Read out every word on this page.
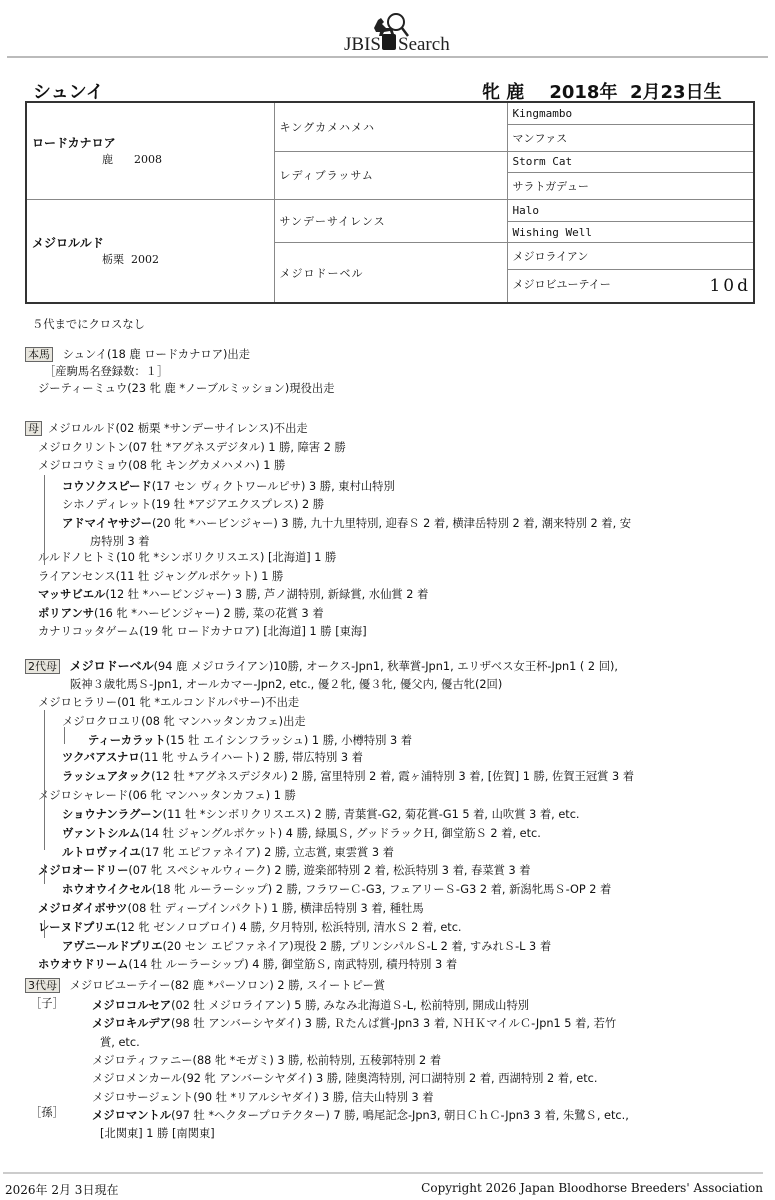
JBIS Search
シュンイ	牝 鹿 2018年  2月23日生
ロードカナロア
鹿 2008	キングカメハメハ	Kingmambo
		マンファス
	レディブラッサム	Storm Cat
		サラトガデュー

メジロルルド
栃栗 2002	サンデーサイレンス	Halo
		Wishing Well
	メジロドーベル	メジロライアン
		メジロビユーテイー 10d
５代までにクロスなし
本馬 シュンイ(18 鹿 ロードカナロア)出走
［産駒馬名登録数：１］
ジーティーミュウ(23 牝 鹿 *ノーブルミッション)現役出走
母 メジロルルド(02 栃栗 *サンデーサイレンス)不出走
メジロクリントン(07 牡 *アグネスデジタル) 1 勝, 障害 2 勝
メジロコウミョウ(08 牝 キングカメハメハ) 1 勝
コウソクスピード(17 セン ヴィクトワールピサ) 3 勝, 東村山特別
シホノディレット(19 牡 *アジアエクスプレス) 2 勝
アドマイヤサジー(20 牝 *ハービンジャー) 3 勝, 九十九里特別, 迎春Ｓ 2 着, 横津岳特別 2 着, 潮来特別 2 着, 安
房特別 3 着
ルルドノヒトミ(10 牝 *シンボリクリスエス) [北海道] 1 勝
ライアンセンス(11 牡 ジャングルポケット) 1 勝
マッサビエル(12 牡 *ハービンジャー) 3 勝, 芦ノ湖特別, 新緑賞, 水仙賞 2 着
ポリアンサ(16 牝 *ハービンジャー) 2 勝, 菜の花賞 3 着
カナリコッタゲーム(19 牝 ロードカナロア) [北海道] 1 勝 [東海]
2代母 メジロドーベル(94 鹿 メジロライアン)10勝, オークス-Jpn1, 秋華賞-Jpn1, エリザベス女王杯-Jpn1 ( 2 回),
阪神３歳牝馬Ｓ-Jpn1, オールカマー-Jpn2, etc., 優２牝, 優３牝, 優父内, 優古牝(2回)
メジロヒラリー(01 牝 *エルコンドルパサー)不出走
メジロクロユリ(08 牝 マンハッタンカフェ)出走
ティーカラット(15 牡 エイシンフラッシュ) 1 勝, 小樽特別 3 着
ツクバアスナロ(11 牝 サムライハート) 2 勝, 帯広特別 3 着
ラッシュアタック(12 牡 *アグネスデジタル) 2 勝, 富里特別 2 着, 霞ヶ浦特別 3 着, [佐賀] 1 勝, 佐賀王冠賞 3 着
メジロシャレード(06 牝 マンハッタンカフェ) 1 勝
ショウナンラグーン(11 牡 *シンボリクリスエス) 2 勝, 青葉賞-G2, 菊花賞-G1 5 着, 山吹賞 3 着, etc.
ヴァントシルム(14 牡 ジャングルポケット) 4 勝, 緑風Ｓ, グッドラックＨ, 御堂筋Ｓ 2 着, etc.
ルトロヴァイユ(17 牝 エピファネイア) 2 勝, 立志賞, 東雲賞 3 着
メジロオードリー(07 牝 スペシャルウィーク) 2 勝, 遊楽部特別 2 着, 松浜特別 3 着, 春菜賞 3 着
ホウオウイクセル(18 牝 ルーラーシップ) 2 勝, フラワーＣ-G3, フェアリーＳ-G3 2 着, 新潟牝馬Ｓ-OP 2 着
メジロダイボサツ(08 牡 ディープインパクト) 1 勝, 横津岳特別 3 着, 種牡馬
レーヌドプリエ(12 牝 ゼンノロブロイ) 4 勝, 夕月特別, 松浜特別, 清水Ｓ 2 着, etc.
アヴニールドプリエ(20 セン エピファネイア)現役 2 勝, プリンシパルＳ-L 2 着, すみれＳ-L 3 着
ホウオウドリーム(14 牡 ルーラーシップ) 4 勝, 御堂筋Ｓ, 南武特別, 積丹特別 3 着
3代母 メジロビユーテイー(82 鹿 *パーソロン) 2 勝, スイートピー賞
［子］
［孫］
メジロコルセア(02 牡 メジロライアン) 5 勝, みなみ北海道Ｓ-L, 松前特別, 開成山特別
メジロキルデア(98 牡 アンバーシヤダイ) 3 勝, Ｒたんぱ賞-Jpn3 3 着, ＮＨＫマイルＣ-Jpn1 5 着, 若竹
賞, etc.
メジロティファニー(88 牝 *モガミ) 3 勝, 松前特別, 五稜郭特別 2 着
メジロメンカール(92 牝 アンバーシヤダイ) 3 勝, 陸奥湾特別, 河口湖特別 2 着, 西湖特別 2 着, etc.
メジロサージェント(90 牡 *リアルシヤダイ) 3 勝, 信夫山特別 3 着
メジロマントル(97 牡 *ヘクタープロテクター) 7 勝, 鳴尾記念-Jpn3, 朝日ＣｈＣ-Jpn3 3 着, 朱鷺Ｓ, etc.,
[北関東] 1 勝 [南関東]
2026年 2月 3日現在	Copyright 2026 Japan Bloodhorse Breeders' Association
